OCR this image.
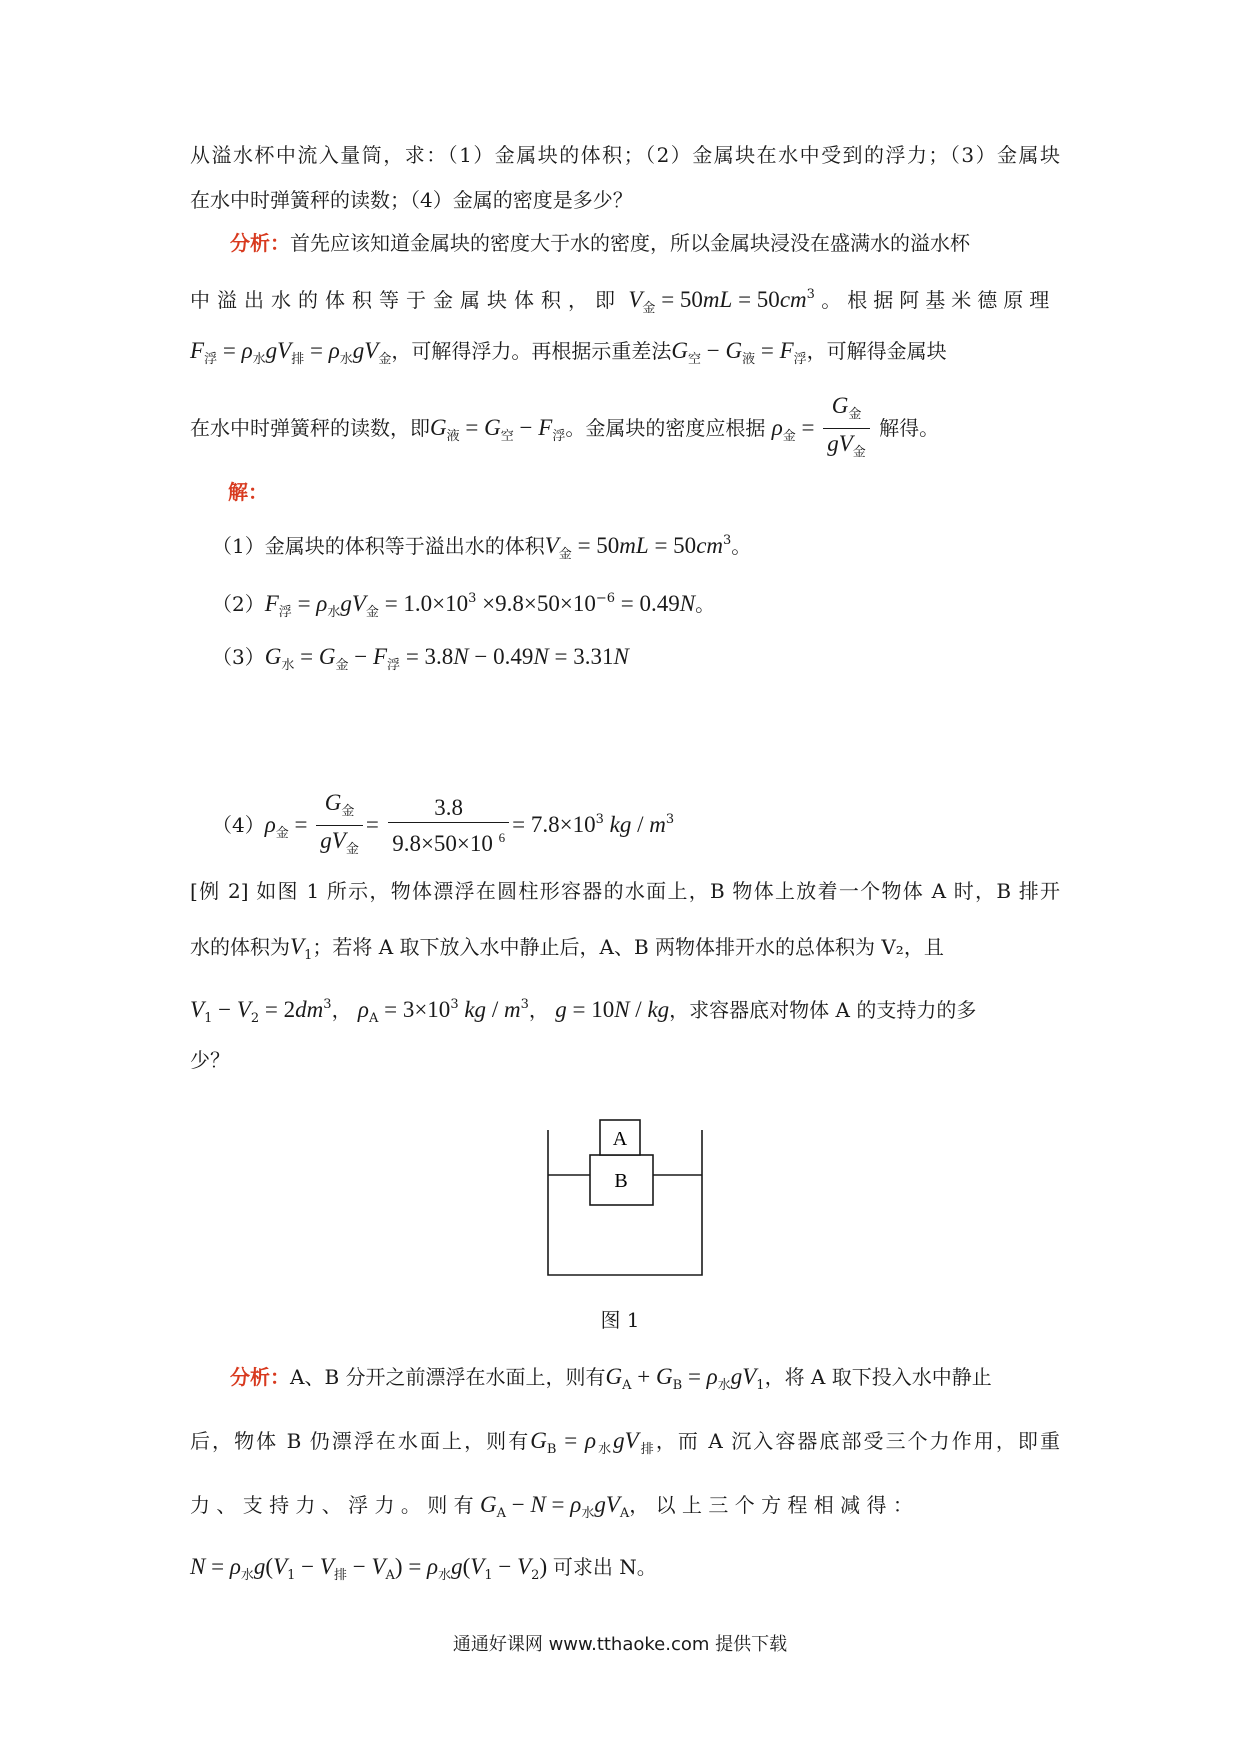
从溢水杯中流入量筒，求：（1）金属块的体积；（2）金属块在水中受到的浮力；（3）金属块
在水中时弹簧秤的读数；（4）金属的密度是多少？
分析：首先应该知道金属块的密度大于水的密度，所以金属块浸没在盛满水的溢水杯
中溢出水的体积等于金属块体积，即 $V_金 = 50mL = 50cm^3$ 。根据阿基米德原理
$F_浮 = \rho_水gV_排 = \rho_水gV_金$，可解得浮力。再根据示重差法$G_空 - G_液 = F_浮$，可解得金属块
在水中时弹簧秤的读数，即$G_液 = G_空 - F_浮$。金属块的密度应根据 $\rho_金 = \frac{G_金}{gV_金}$ 解得。
解：
（1）金属块的体积等于溢出水的体积$V_金 = 50mL = 50cm^3$。
$(2)F_浮 = \rho_水gV_金 = 1.0\times 10^3 \times 9.8\times 50\times 10^{-6} = 0.49N$。
$(3)G_水 = G_金 - F_浮 = 3.8N - 0.49N = 3.31N$
$(4)\rho_金 = \frac{G_金}{gV_金} = \frac{3.8}{9.8\times 50\times 10 ^6} = 7.8\times 10^3$ kg / $m^3$
[例 2] 如图 1 所示，物体漂浮在圆柱形容器的水面上，B 物体上放着一个物体 A 时，B 排开
水的体积为$V_1$；若将 A 取下放入水中静止后，A、B 两物体排开水的总体积为 V₂，且
$V_1 - V_2 = 2dm^3$， $\rho_A = 3\times 10^3$ kg / $m^3$， g = 10N / kg，求容器底对物体 A 的支持力的多
少？
A
B
图 1
分析：A、B 分开之前漂浮在水面上，则有$G_A + G_B = \rho_水gV_1$，将 A 取下投入水中静止
后，物体 B 仍漂浮在水面上，则有$G_B = \rho_水gV_排$，而 A 沉入容器底部受三个力作用，即重
力 、 支 持 力 、 浮 力 。 则 有 $G_A - N = \rho_水gV_A$， 以 上 三 个 方 程 相 减 得 ：
$N = \rho_水g(V_1 - V_排 - V_A) = \rho_水g(V_1 - V_2)$ 可求出 N。
通通好课网 www.tthaoke.com 提供下载
